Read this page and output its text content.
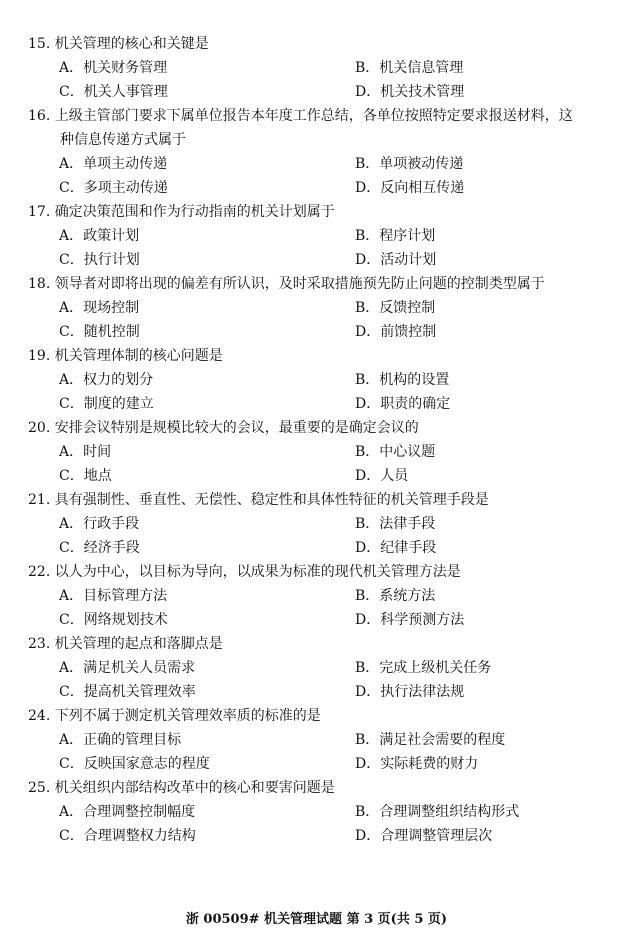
15. 机关管理的核心和关键是
A．机关财务管理	B．机关信息管理
C．机关人事管理	D．机关技术管理
16. 上级主管部门要求下属单位报告本年度工作总结，各单位按照特定要求报送材料，这
种信息传递方式属于
A．单项主动传递	B．单项被动传递
C．多项主动传递	D．反向相互传递
17. 确定决策范围和作为行动指南的机关计划属于
A．政策计划	B．程序计划
C．执行计划	D．活动计划
18. 领导者对即将出现的偏差有所认识，及时采取措施预先防止问题的控制类型属于
A．现场控制	B．反馈控制
C．随机控制	D．前馈控制
19. 机关管理体制的核心问题是
A．权力的划分	B．机构的设置
C．制度的建立	D．职责的确定
20. 安排会议特别是规模比较大的会议，最重要的是确定会议的
A．时间	B．中心议题
C．地点	D．人员
21. 具有强制性、垂直性、无偿性、稳定性和具体性特征的机关管理手段是
A．行政手段	B．法律手段
C．经济手段	D．纪律手段
22. 以人为中心，以目标为导向，以成果为标准的现代机关管理方法是
A．目标管理方法	B．系统方法
C．网络规划技术	D．科学预测方法
23. 机关管理的起点和落脚点是
A．满足机关人员需求	B．完成上级机关任务
C．提高机关管理效率	D．执行法律法规
24. 下列不属于测定机关管理效率质的标准的是
A．正确的管理目标	B．满足社会需要的程度
C．反映国家意志的程度	D．实际耗费的财力
25. 机关组织内部结构改革中的核心和要害问题是
A．合理调整控制幅度	B．合理调整组织结构形式
C．合理调整权力结构	D．合理调整管理层次
浙 00509# 机关管理试题 第 3 页(共 5 页)
